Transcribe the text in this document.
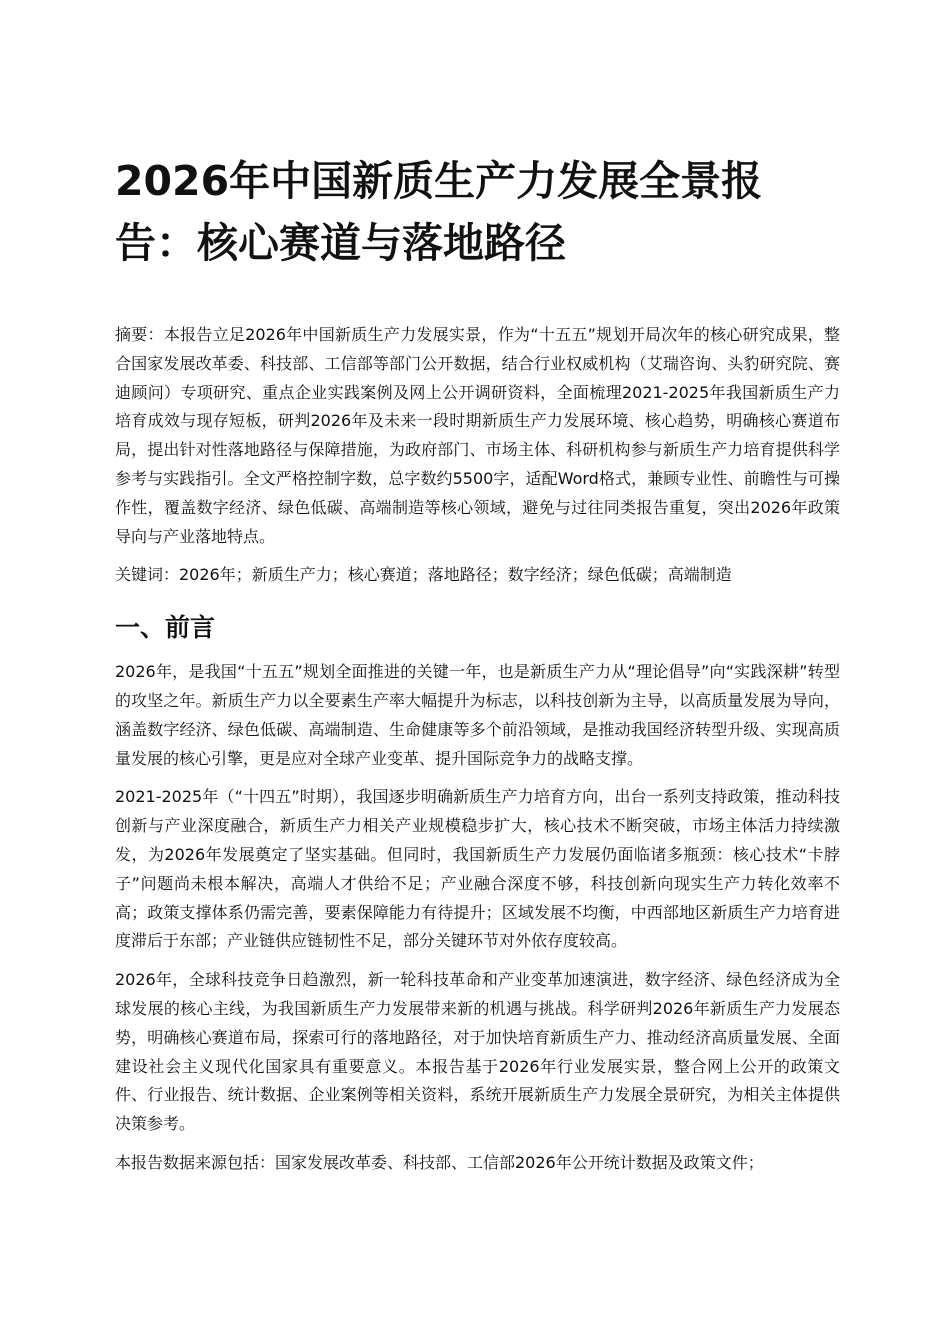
2026年中国新质生产力发展全景报告：核心赛道与落地路径

摘要：本报告立足2026年中国新质生产力发展实景，作为“十五五”规划开局次年的核心研究成果，整合国家发展改革委、科技部、工信部等部门公开数据，结合行业权威机构（艾瑞咨询、头豹研究院、赛迪顾问）专项研究、重点企业实践案例及网上公开调研资料，全面梳理2021-2025年我国新质生产力培育成效与现存短板，研判2026年及未来一段时期新质生产力发展环境、核心趋势，明确核心赛道布局，提出针对性落地路径与保障措施，为政府部门、市场主体、科研机构参与新质生产力培育提供科学参考与实践指引。全文严格控制字数，总字数约5500字，适配Word格式，兼顾专业性、前瞻性与可操作性，覆盖数字经济、绿色低碳、高端制造等核心领域，避免与过往同类报告重复，突出2026年政策导向与产业落地特点。

关键词：2026年；新质生产力；核心赛道；落地路径；数字经济；绿色低碳；高端制造

一、前言

2026年，是我国“十五五”规划全面推进的关键一年，也是新质生产力从“理论倡导”向“实践深耕”转型的攻坚之年。新质生产力以全要素生产率大幅提升为标志，以科技创新为主导，以高质量发展为导向，涵盖数字经济、绿色低碳、高端制造、生命健康等多个前沿领域，是推动我国经济转型升级、实现高质量发展的核心引擎，更是应对全球产业变革、提升国际竞争力的战略支撑。

2021-2025年（“十四五”时期），我国逐步明确新质生产力培育方向，出台一系列支持政策，推动科技创新与产业深度融合，新质生产力相关产业规模稳步扩大，核心技术不断突破，市场主体活力持续激发，为2026年发展奠定了坚实基础。但同时，我国新质生产力发展仍面临诸多瓶颈：核心技术“卡脖子”问题尚未根本解决，高端人才供给不足；产业融合深度不够，科技创新向现实生产力转化效率不高；政策支撑体系仍需完善，要素保障能力有待提升；区域发展不均衡，中西部地区新质生产力培育进度滞后于东部；产业链供应链韧性不足，部分关键环节对外依存度较高。

2026年，全球科技竞争日趋激烈，新一轮科技革命和产业变革加速演进，数字经济、绿色经济成为全球发展的核心主线，为我国新质生产力发展带来新的机遇与挑战。科学研判2026年新质生产力发展态势，明确核心赛道布局，探索可行的落地路径，对于加快培育新质生产力、推动经济高质量发展、全面建设社会主义现代化国家具有重要意义。本报告基于2026年行业发展实景，整合网上公开的政策文件、行业报告、统计数据、企业案例等相关资料，系统开展新质生产力发展全景研究，为相关主体提供决策参考。

本报告数据来源包括：国家发展改革委、科技部、工信部2026年公开统计数据及政策文件；
